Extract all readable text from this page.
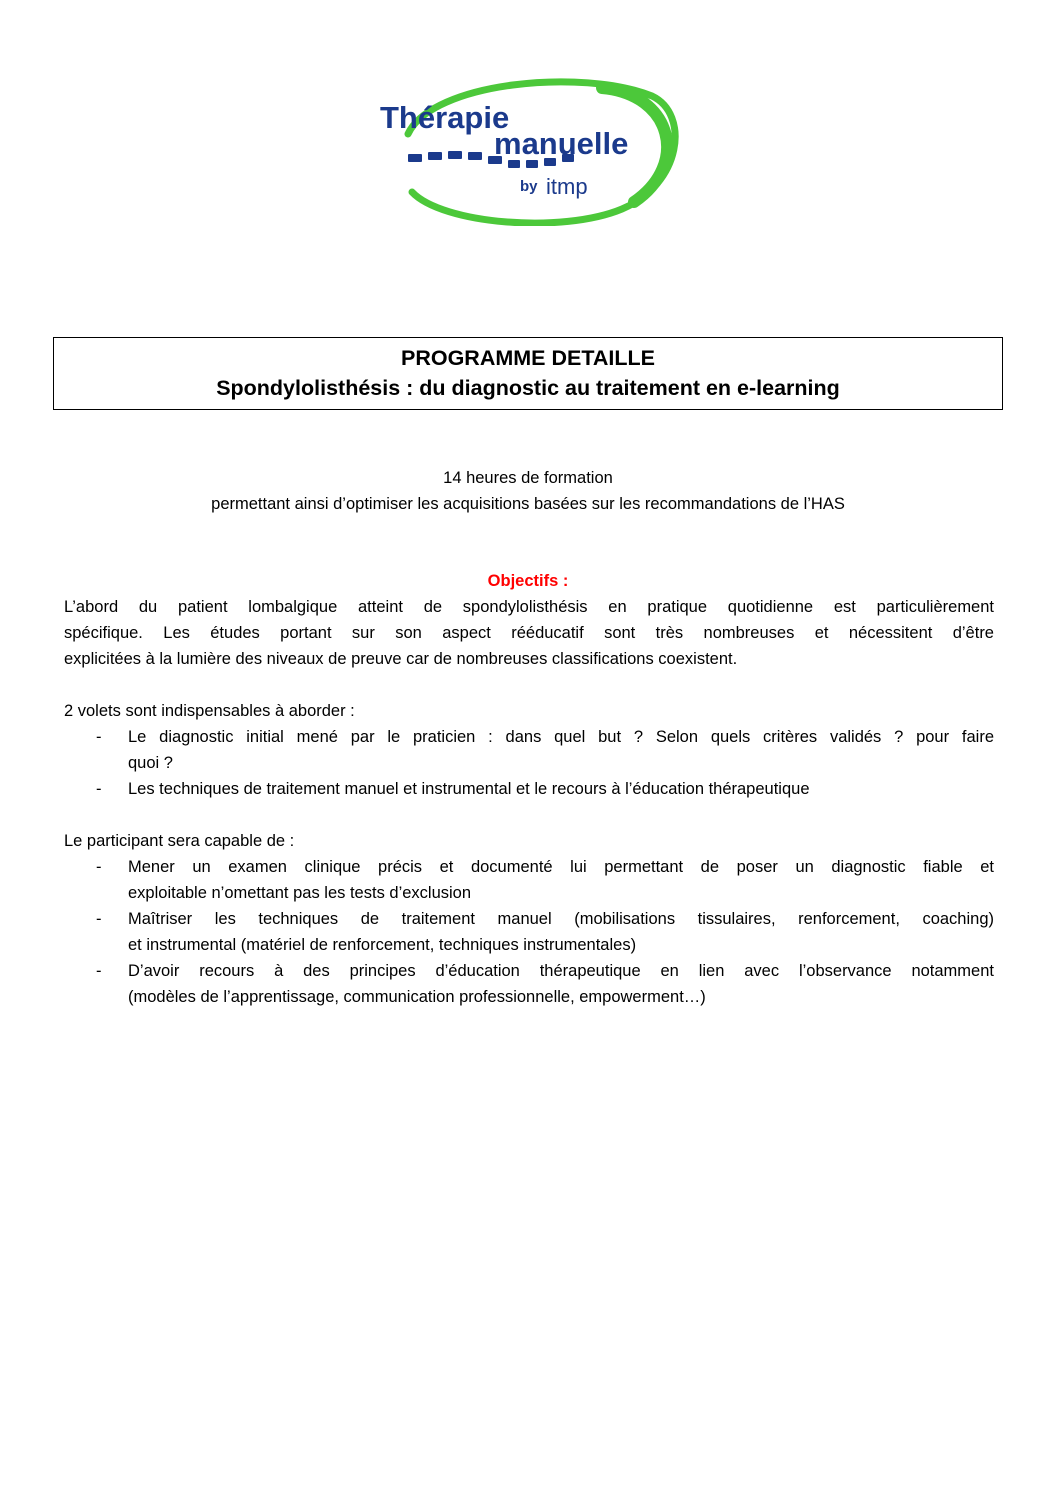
Thérapie
manuelle
by itmp
PROGRAMME DETAILLE
Spondylolisthésis : du diagnostic au traitement en e-learning
14 heures de formation
permettant ainsi d’optimiser les acquisitions basées sur les recommandations de l’HAS
Objectifs :
L’abord du patient lombalgique atteint de spondylolisthésis en pratique quotidienne est particulièrement
spécifique. Les études portant sur son aspect rééducatif sont très nombreuses et nécessitent d’être
explicitées à la lumière des niveaux de preuve car de nombreuses classifications coexistent.
2 volets sont indispensables à aborder :
- Le diagnostic initial mené par le praticien : dans quel but ? Selon quels critères validés ? pour faire
quoi ?
- Les techniques de traitement manuel et instrumental et le recours à l’éducation thérapeutique
Le participant sera capable de :
- Mener un examen clinique précis et documenté lui permettant de poser un diagnostic fiable et
exploitable n’omettant pas les tests d’exclusion
- Maîtriser les techniques de traitement manuel (mobilisations tissulaires, renforcement, coaching)
et instrumental (matériel de renforcement, techniques instrumentales)
- D’avoir recours à des principes d’éducation thérapeutique en lien avec l’observance notamment
(modèles de l’apprentissage, communication professionnelle, empowerment…)
